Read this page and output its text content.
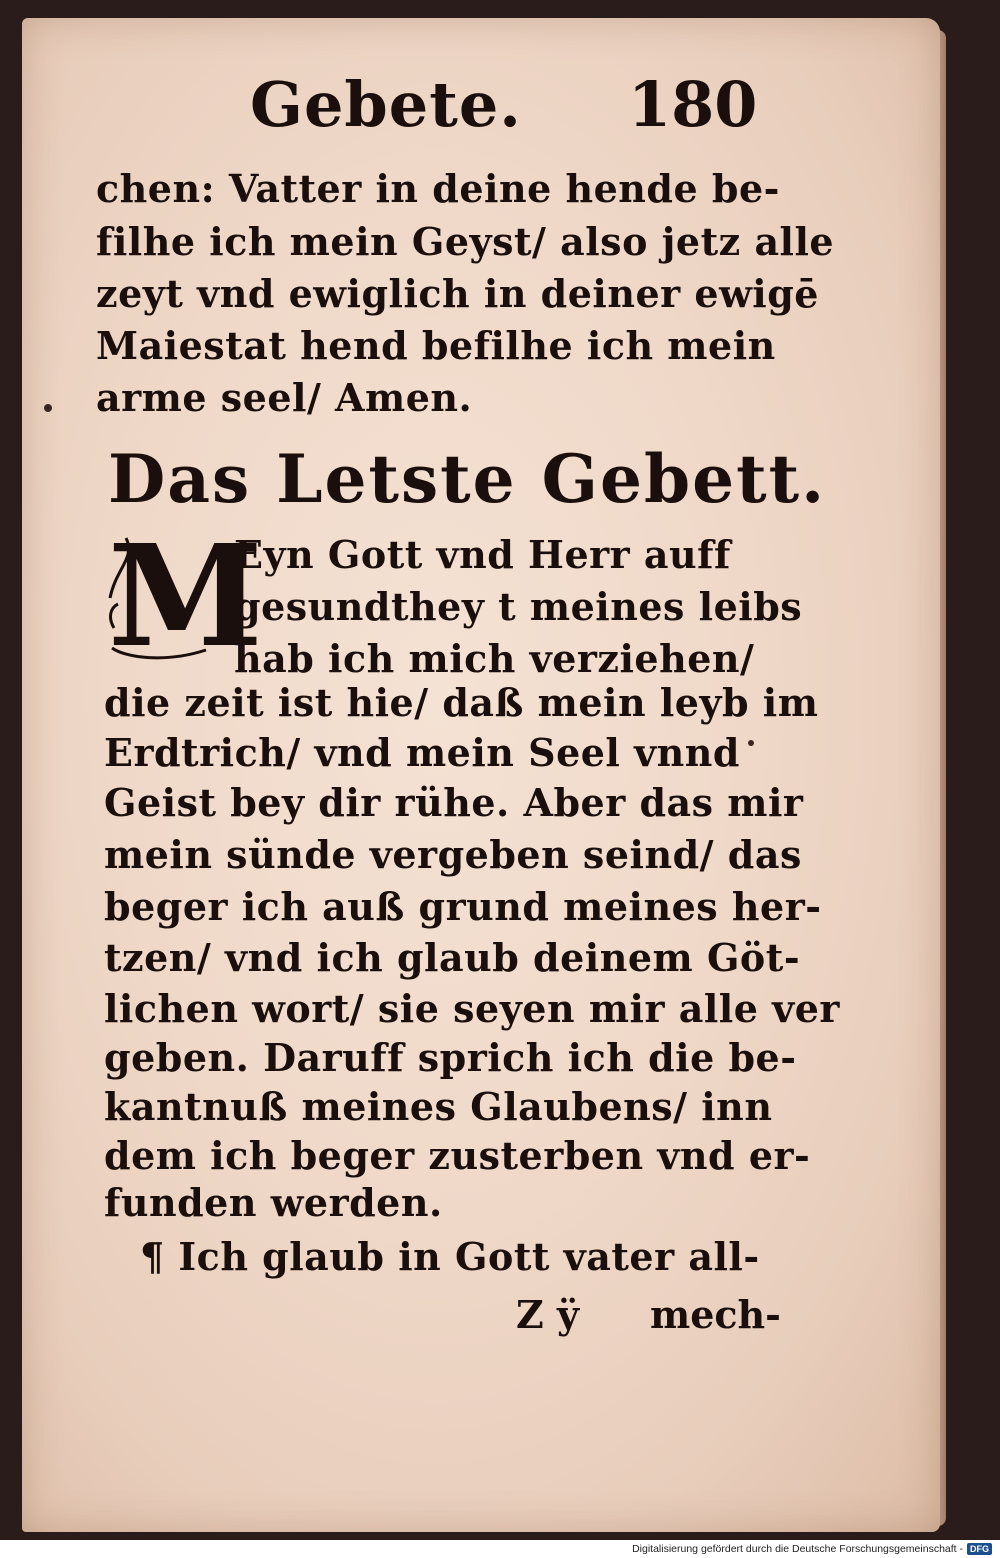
Gebete. 180
chen: Vatter in deine hende be-
filhe ich mein Geyst/ also jetz alle
zeyt vnd ewiglich in deiner ewigē
Maiestat hend befilhe ich mein
arme seel/ Amen.
Das Letste Gebett.
M
Eyn Gott vnd Herr auff
gesundthey t meines leibs
hab ich mich verziehen/
die zeit ist hie/ daß mein leyb im
Erdtrich/ vnd mein Seel vnnd
Geist bey dir rühe. Aber das mir
mein sünde vergeben seind/ das
beger ich auß grund meines her-
tzen/ vnd ich glaub deinem Göt-
lichen wort/ sie seyen mir alle ver
geben. Daruff sprich ich die be-
kantnuß meines Glaubens/ inn
dem ich beger zusterben vnd er-
funden werden.
¶ Ich glaub in Gott vater all-
Z ÿ mech-
Digitalisierung gefördert durch die Deutsche Forschungsgemeinschaft - DFG
